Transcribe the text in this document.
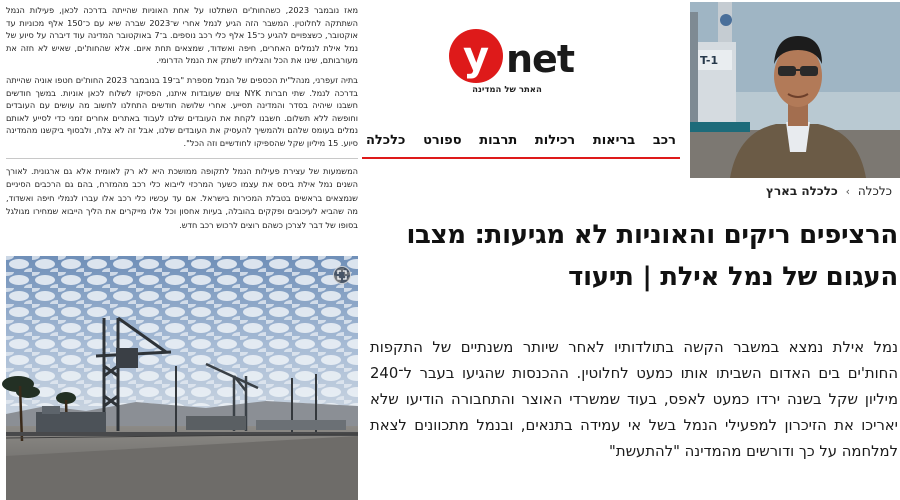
מאז נובמבר 2023, כשהחות'ים השתלטו על אחת האוניות שהייתה בדרכה לכאן, פעילות הנמל השתתקה לחלוטין. המשבר הזה הגיע לנמל אחרי ש־2023 שברה שיא עם כ־150 אלף מכוניות עד אוקטובר, כשצפויים להגיע כ־15 אלף כלי רכב נוספים. ב־7 באוקטובר המדינה עוד דיברה על סיוע של נמל אילת לנמלים האחרים, חיפה ואשדוד, שמצאים תחת איום. אלא שהחות'ים, שאיש לא חזה את מעורבותם, שינו את הכל והצליחו לשתק את הנמל הדרומי.

בתיה זעפרני, מנהל"ית הכספים של הנמל מספרת "ב־19 בנובמבר 2023 החות'ים חטפו אוניה שהייתה בדרכה לנמל. שתי חברות NYK צוים שעובדות איתנו, הפסיקו לשלוח לכאן אוניות. במשך חודשים חשבנו שיהיה בסדר והמדינה תסייע. אחרי שלושה חודשים התחלנו לחשוב מה עושים עם העובדים וחופשה ללא תשלום. חשבנו לקחת את העובדים שלנו לעבוד באתרים אחרים זמני כדי לסייע לאותם נמלים בעומס שלהם ולהמשיך להעסיק את העובדים שלנו, אבל זה לא צלח, ולבסוף ביקשנו מהמדינה סיוע. 15 מיליון שקל שהספיקו לחודשיים וזה הכל".

המשמעות של עצירת פעילות הנמל לתקופה ממושכת היא לא רק לאומית אלא גם ארגונית. לאורך השנים נמל אילת ביסס את עצמו כשער המרכזי לייבוא כלי רכב מהמזרח, בהם גם הרכבים הסיניים שנמצאים בראשים בטבלת המכירות בישראל. אם עד עכשיו כלי רכב אלו עברו לנמלי חיפה ואשדוד, מה שהביא לעיכובים ופקקים בהובלה, בעיות אחסון וכל אלו מייקרים את הליך הייבוא שמחירו מגולגל בסופו של דבר לצרכן כשהם רוצים לרכוש רכב חדש.

y net
האתר של המדינה
T-1
כלכלה ספורט תרבות רכילות בריאות רכב
כלכלה › כלכלה בארץ
הרציפים ריקים והאוניות לא מגיעות: מצבו העגום של נמל אילת | תיעוד

נמל אילת נמצא במשבר הקשה בתולדותיו לאחר שיותר משנתיים של התקפות החות'ים בים האדום השביתו אותו כמעט לחלוטין. ההכנסות שהגיעו בעבר ל־240 מיליון שקל בשנה ירדו כמעט לאפס, בעוד שמשרדי האוצר והתחבורה הודיעו שלא יאריכו את הזיכרון למפעילי הנמל בשל אי עמידה בתנאים, ובנמל מתכוונים לצאת למלחמה על כך ודורשים מהמדינה "להתעשת"
